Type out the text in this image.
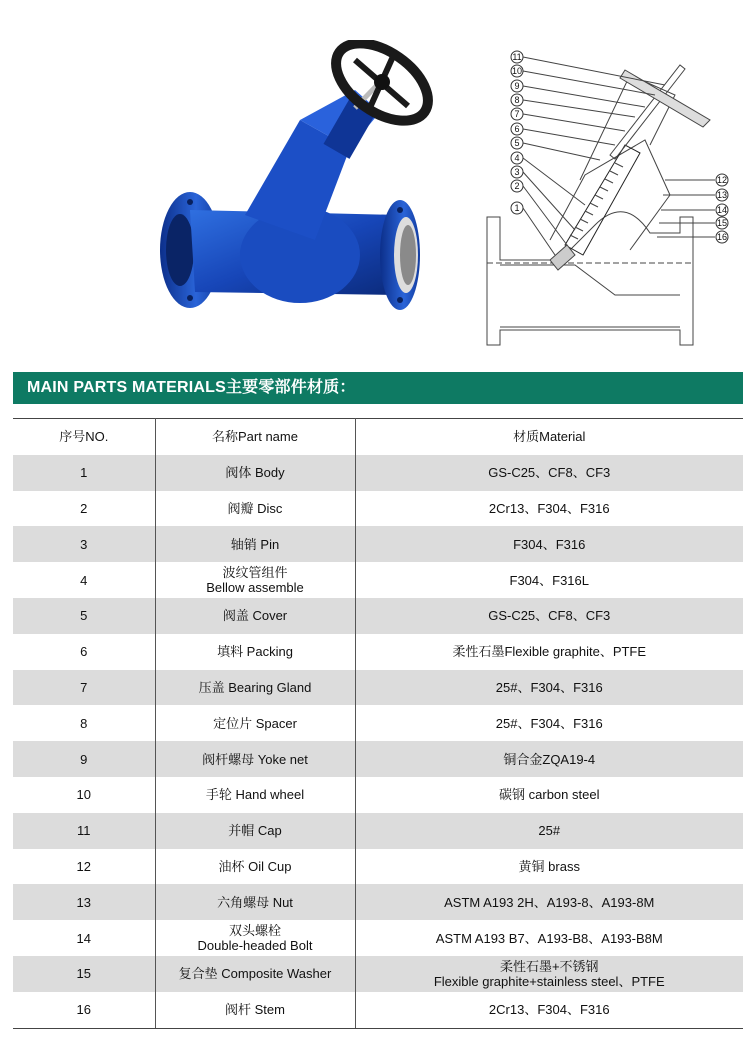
11
10
9
8
7
6
5
4
3
2
1
12
13
14
15
16
MAIN PARTS MATERIALS主要零部件材质：
序号NO.	名称Part name	材质Material
1	阀体 Body	GS-C25、CF8、CF3

2	阀瓣 Disc	2Cr13、F304、F316

3	轴销 Pin	F304、F316

4	波纹管组件
Bellow assemble	F304、F316L

5	阀盖 Cover	GS-C25、CF8、CF3

6	填料 Packing	柔性石墨Flexible graphite、PTFE

7	压盖 Bearing Gland	25#、F304、F316

8	定位片 Spacer	25#、F304、F316

9	阀杆螺母 Yoke net	铜合金ZQA19-4

10	手轮 Hand wheel	碳钢 carbon steel

11	并帽 Cap	25#

12	油杯 Oil Cup	黄铜 brass

13	六角螺母 Nut	ASTM A193 2H、A193-8、A193-8M

14	双头螺栓
Double-headed Bolt	ASTM A193 B7、A193-B8、A193-B8M

15	复合垫 Composite Washer	柔性石墨+不锈钢
Flexible graphite+stainless steel、PTFE

16	阀杆 Stem	2Cr13、F304、F316
